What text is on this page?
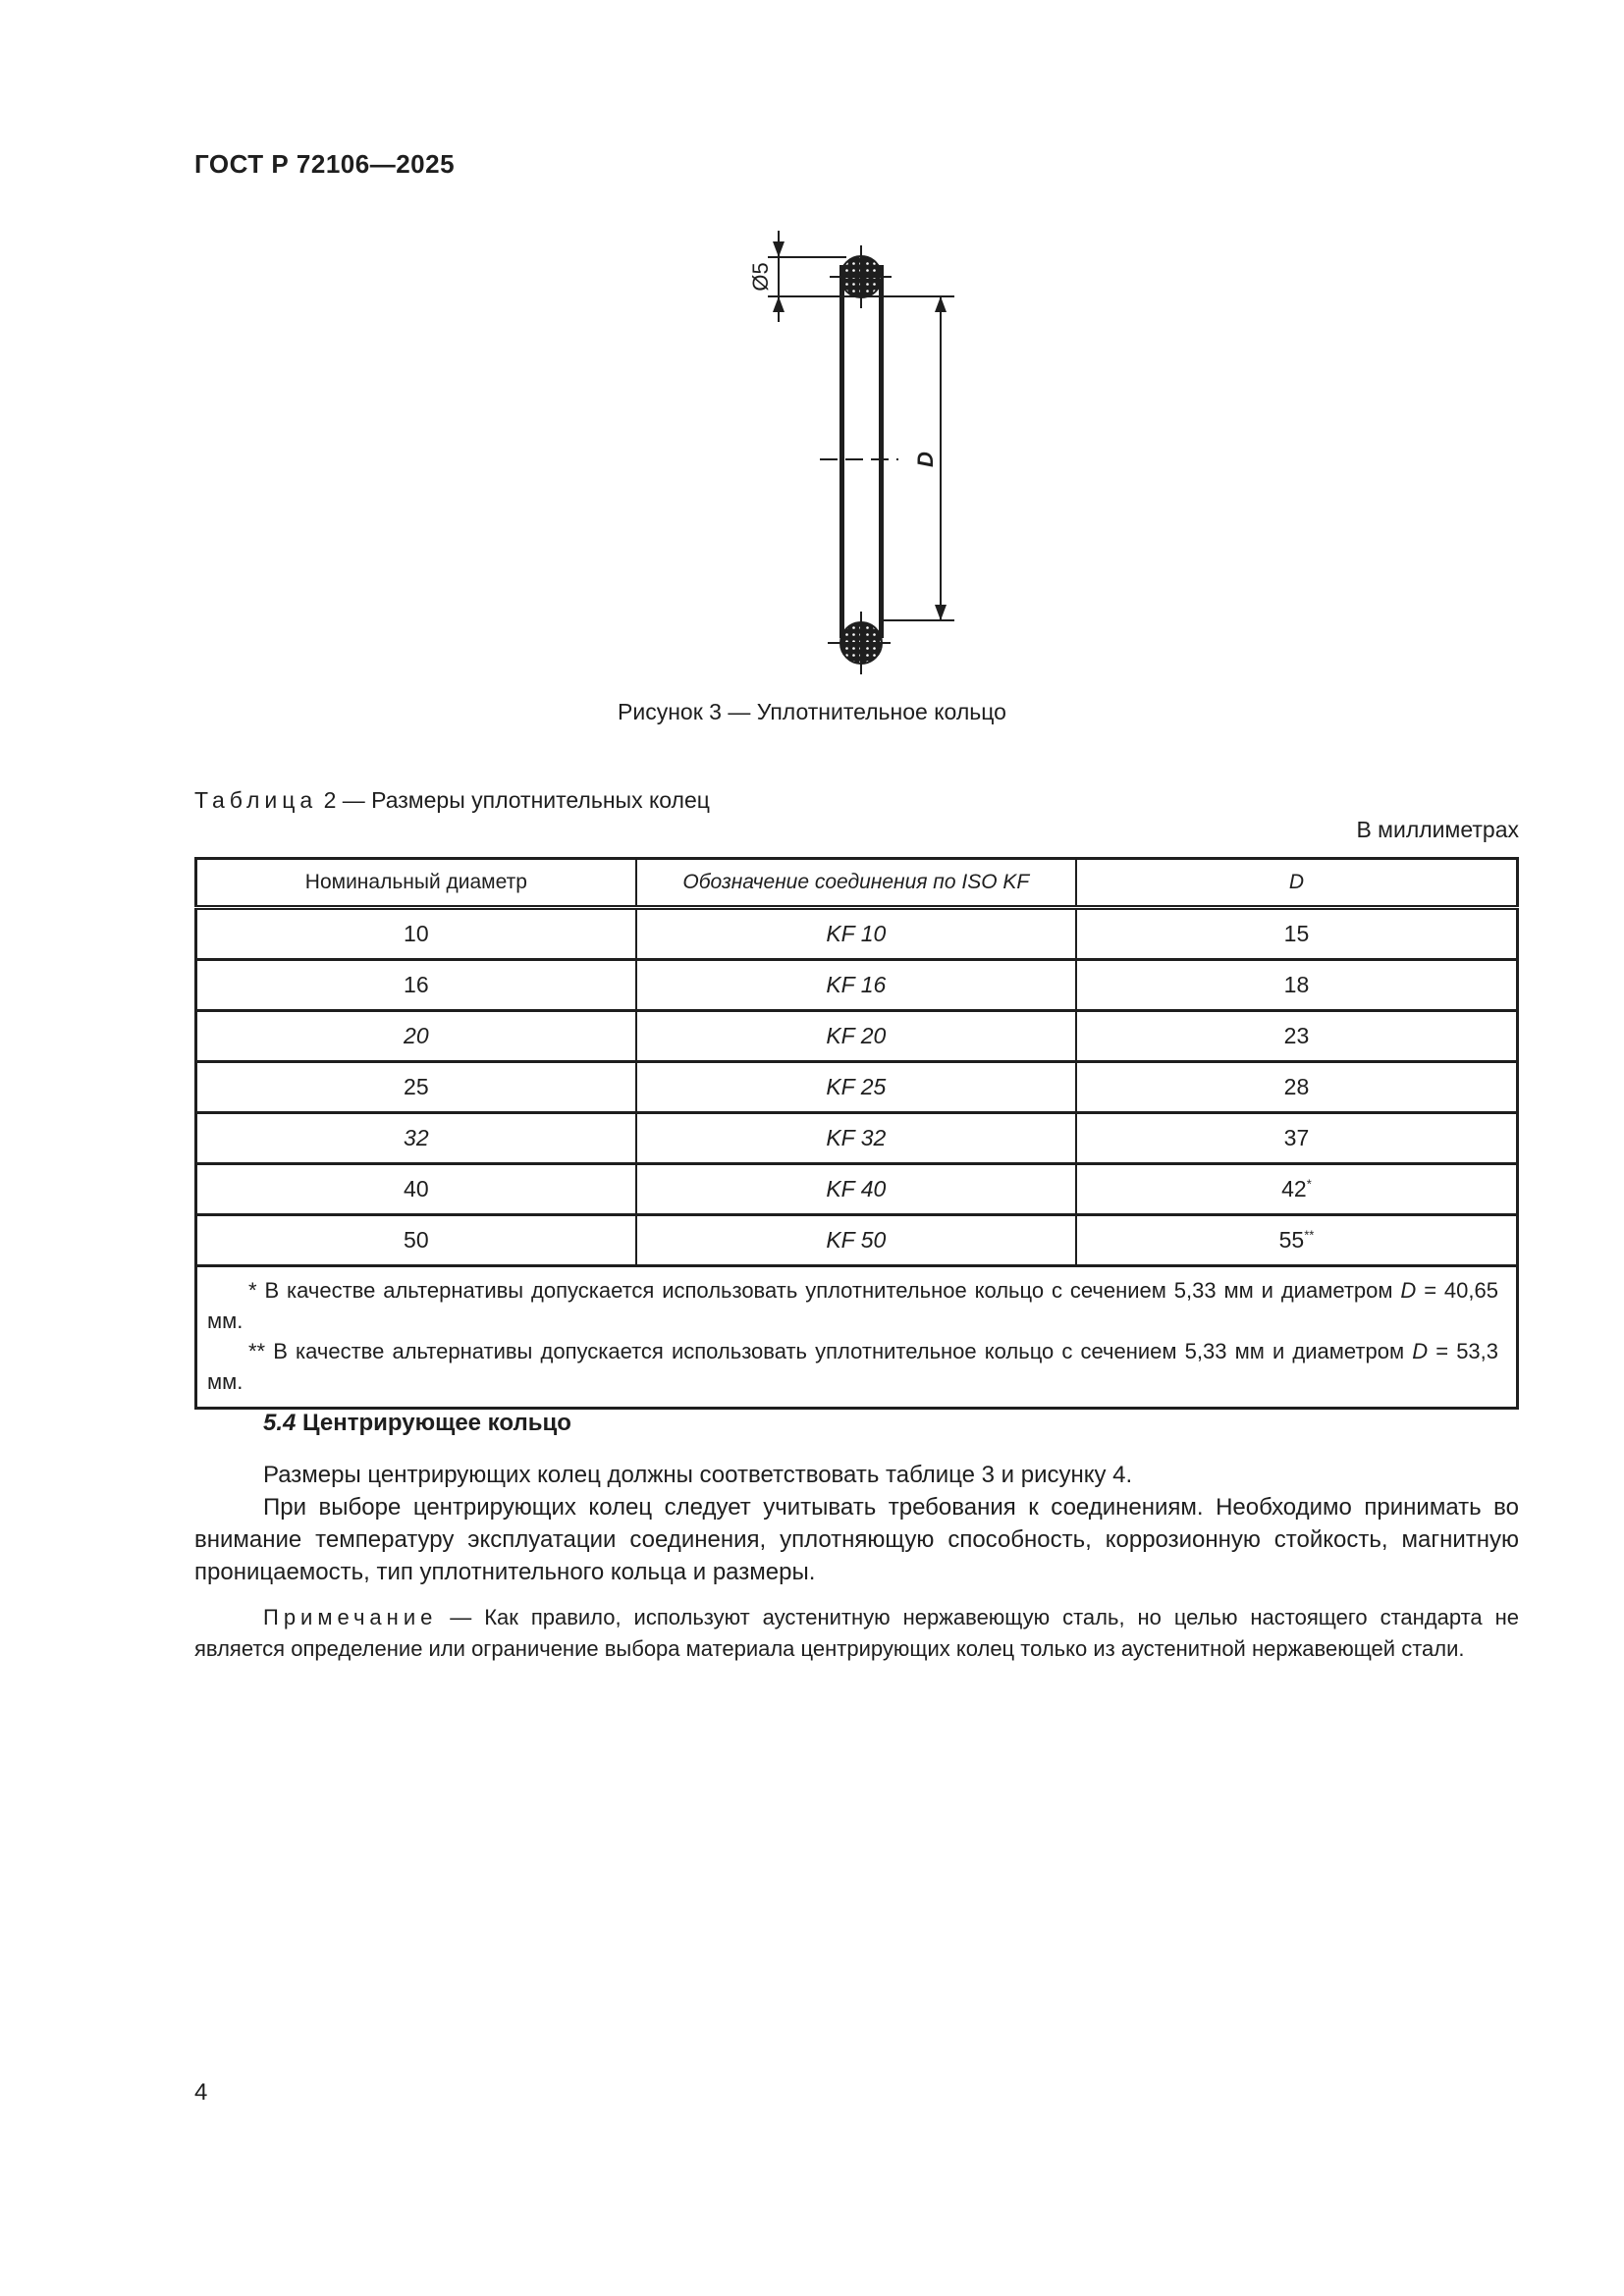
ГОСТ Р 72106—2025
Ø5
D
Рисунок 3 — Уплотнительное кольцо
Таблица 2 — Размеры уплотнительных колец
В миллиметрах
Номинальный диаметр	Обозначение соединения по ISO KF	D
10	KF 10	15
16	KF 16	18
20	KF 20	23
25	KF 25	28
32	KF 32	37
40	KF 40	42*
50	KF 50	55**

* В качестве альтернативы допускается использовать уплотнительное кольцо с сечением 5,33 мм и диаметром D = 40,65 мм.
** В качестве альтернативы допускается использовать уплотнительное кольцо с сечением 5,33 мм и диаметром D = 53,3 мм.		
5.4 Центрирующее кольцо

Размеры центрирующих колец должны соответствовать таблице 3 и рисунку 4.

При выборе центрирующих колец следует учитывать требования к соединениям. Необходимо принимать во внимание температуру эксплуатации соединения, уплотняющую способность, коррозионную стойкость, магнитную проницаемость, тип уплотнительного кольца и размеры.

Примечание — Как правило, используют аустенитную нержавеющую сталь, но целью настоящего стандарта не является определение или ограничение выбора материала центрирующих колец только из аустенитной нержавеющей стали.
4
